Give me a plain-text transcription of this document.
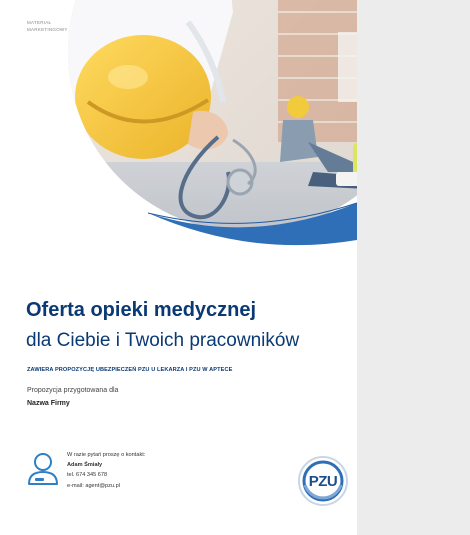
MATERIAŁ
MARKETINGOWY
Oferta opieki medycznej
dla Ciebie i Twoich pracowników
ZAWIERA PROPOZYCJĘ UBEZPIECZEŃ PZU U LEKARZA I PZU W APTECE
Propozycja przygotowana dla
Nazwa Firmy
W razie pytań proszę o kontakt:
Adam Śmiały
tel. 674 345 678
e-mail: agent@pzu.pl	PZU
